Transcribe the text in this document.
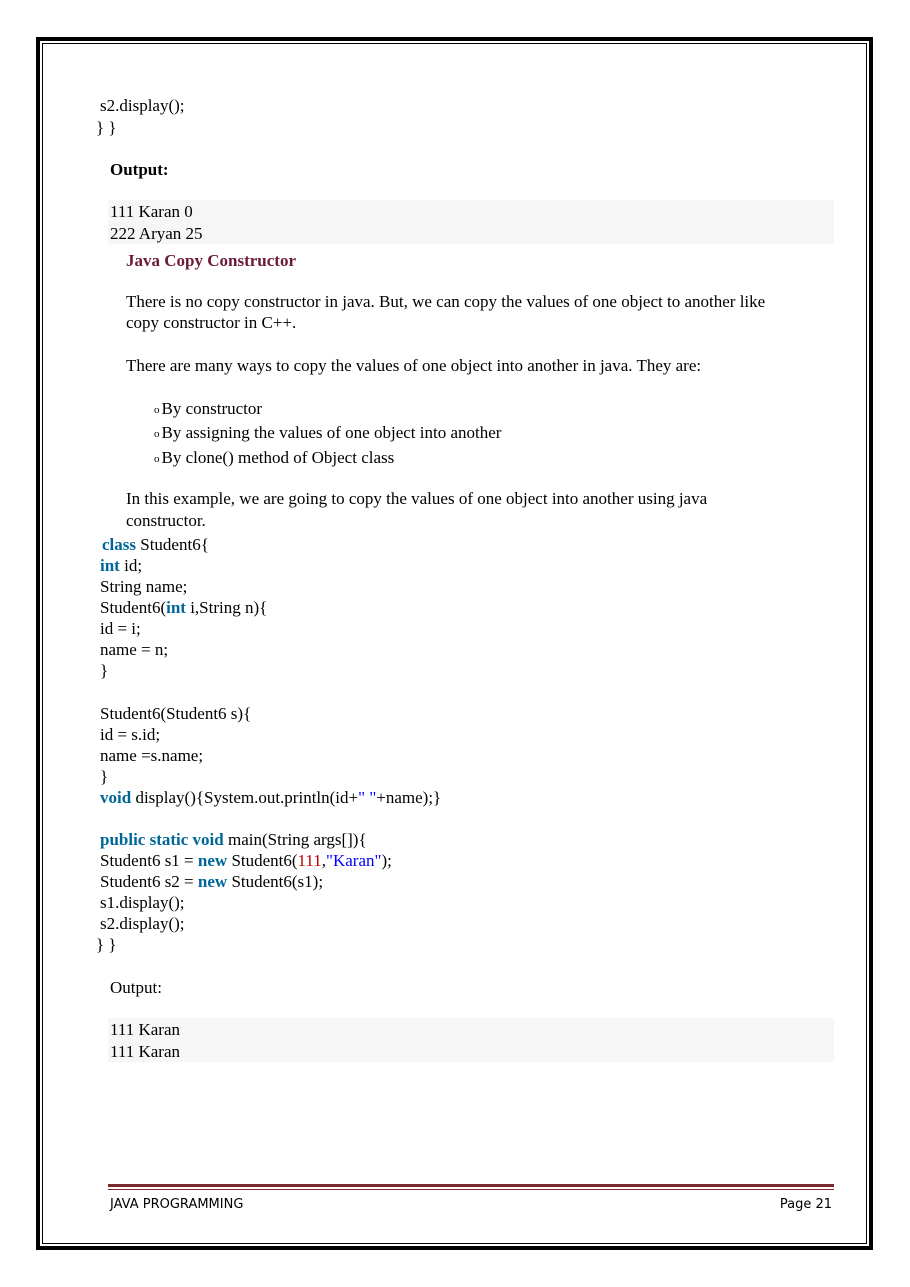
s2.display();
} }
Output:
111 Karan 0
222 Aryan 25
Java Copy Constructor
There is no copy constructor in java. But, we can copy the values of one object to another like
copy constructor in C++.
There are many ways to copy the values of one object into another in java. They are:
o By constructor
o By assigning the values of one object into another
o By clone() method of Object class
In this example, we are going to copy the values of one object into another using java
constructor.
class Student6{
int id;
String name;
Student6(int i,String n){
id = i;
name = n;
}
Student6(Student6 s){
id = s.id;
name =s.name;
}
void display(){System.out.println(id+" "+name);}
public static void main(String args[]){
Student6 s1 = new Student6(111,"Karan");
Student6 s2 = new Student6(s1);
s1.display();
s2.display();
} }
Output:
111 Karan
111 Karan
JAVA PROGRAMMING	Page 21
